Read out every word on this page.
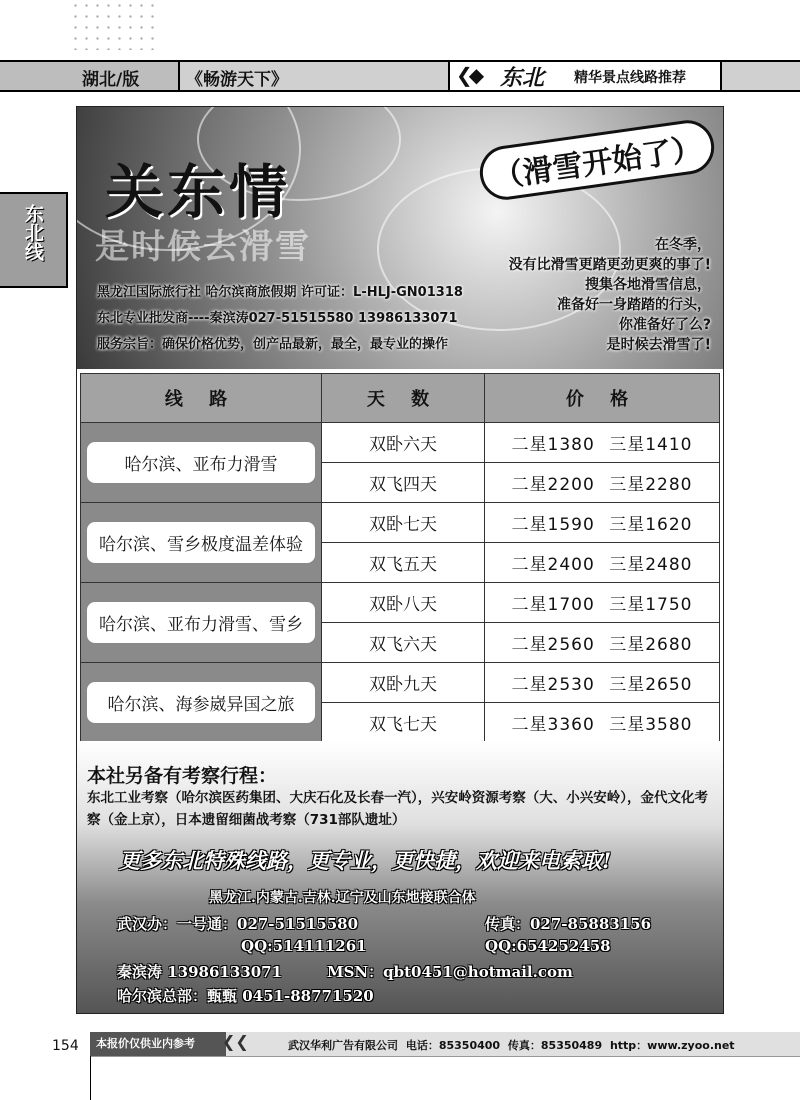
湖北/版	《畅游天下》	❮◆ 东北 精华景点线路推荐
东北线
关东情
是时候去滑雪
（滑雪开始了）
黑龙江国际旅行社 哈尔滨商旅假期 许可证：L-HLJ-GN01318
东北专业批发商----秦滨涛027-51515580 13986133071
服务宗旨：确保价格优势，创产品最新，最全，最专业的操作
在冬季，
没有比滑雪更踏更劲更爽的事了!
搜集各地滑雪信息，
准备好一身踏踏的行头，
你准备好了么?
是时候去滑雪了!
线 路	天 数	价 格

哈尔滨、亚布力滑雪	双卧六天	二星1380 三星1410
	双飞四天	二星2200 三星2280

哈尔滨、雪乡极度温差体验	双卧七天	二星1590 三星1620
	双飞五天	二星2400 三星2480

哈尔滨、亚布力滑雪、雪乡	双卧八天	二星1700 三星1750
	双飞六天	二星2560 三星2680

哈尔滨、海参崴异国之旅	双卧九天	二星2530 三星2650
	双飞七天	二星3360 三星3580
本社另备有考察行程：
东北工业考察（哈尔滨医药集团、大庆石化及长春一汽），兴安岭资源考察（大、小兴安岭），金代文化考察（金上京），日本遗留细菌战考察（731部队遗址）
更多东北特殊线路，更专业，更快捷，欢迎来电索取!
黑龙江.内蒙古.吉林.辽宁及山东地接联合体
武汉办：一号通：027-51515580	传真：027-85883156
QQ:514111261	QQ:654252458
秦滨涛 13986133071	MSN：qbt0451@hotmail.com
哈尔滨总部：甄甄 0451-88771520
154	本报价仅供业内参考	❮❮	武汉华利广告有限公司 电话：85350400 传真：85350489 http：www.zyoo.net
